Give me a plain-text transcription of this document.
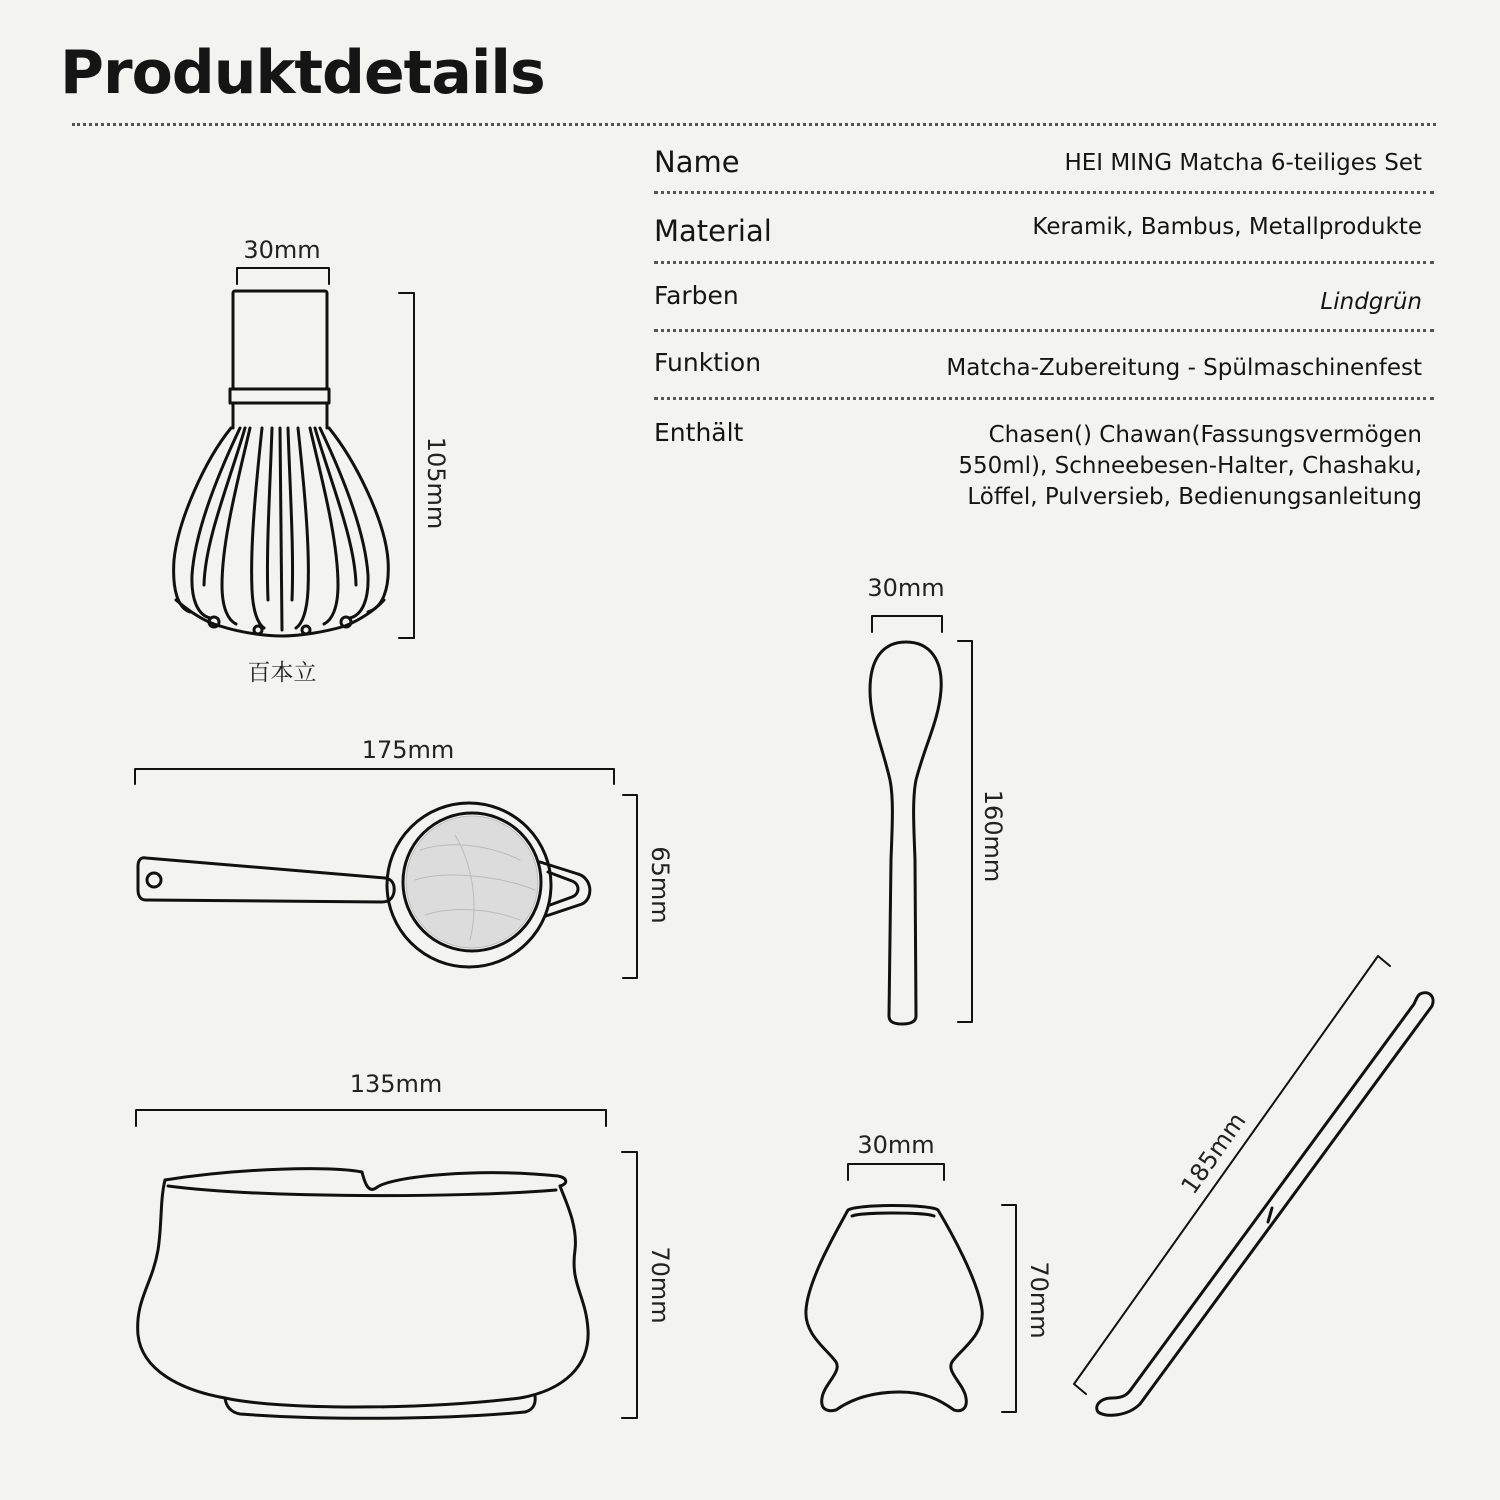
Produktdetails
Name	HEI MING Matcha 6-teiliges Set
Material	Keramik, Bambus, Metallprodukte
Farben	Lindgrün
Funktion	Matcha-Zubereitung - Spülmaschinenfest
Enthält	Chasen() Chawan(Fassungsvermögen
550ml), Schneebesen-Halter, Chashaku,
Löffel, Pulversieb, Bedienungsanleitung
30mm
105mm
百本立
175mm
65mm
30mm
160mm
135mm
70mm
30mm
70mm
185mm
